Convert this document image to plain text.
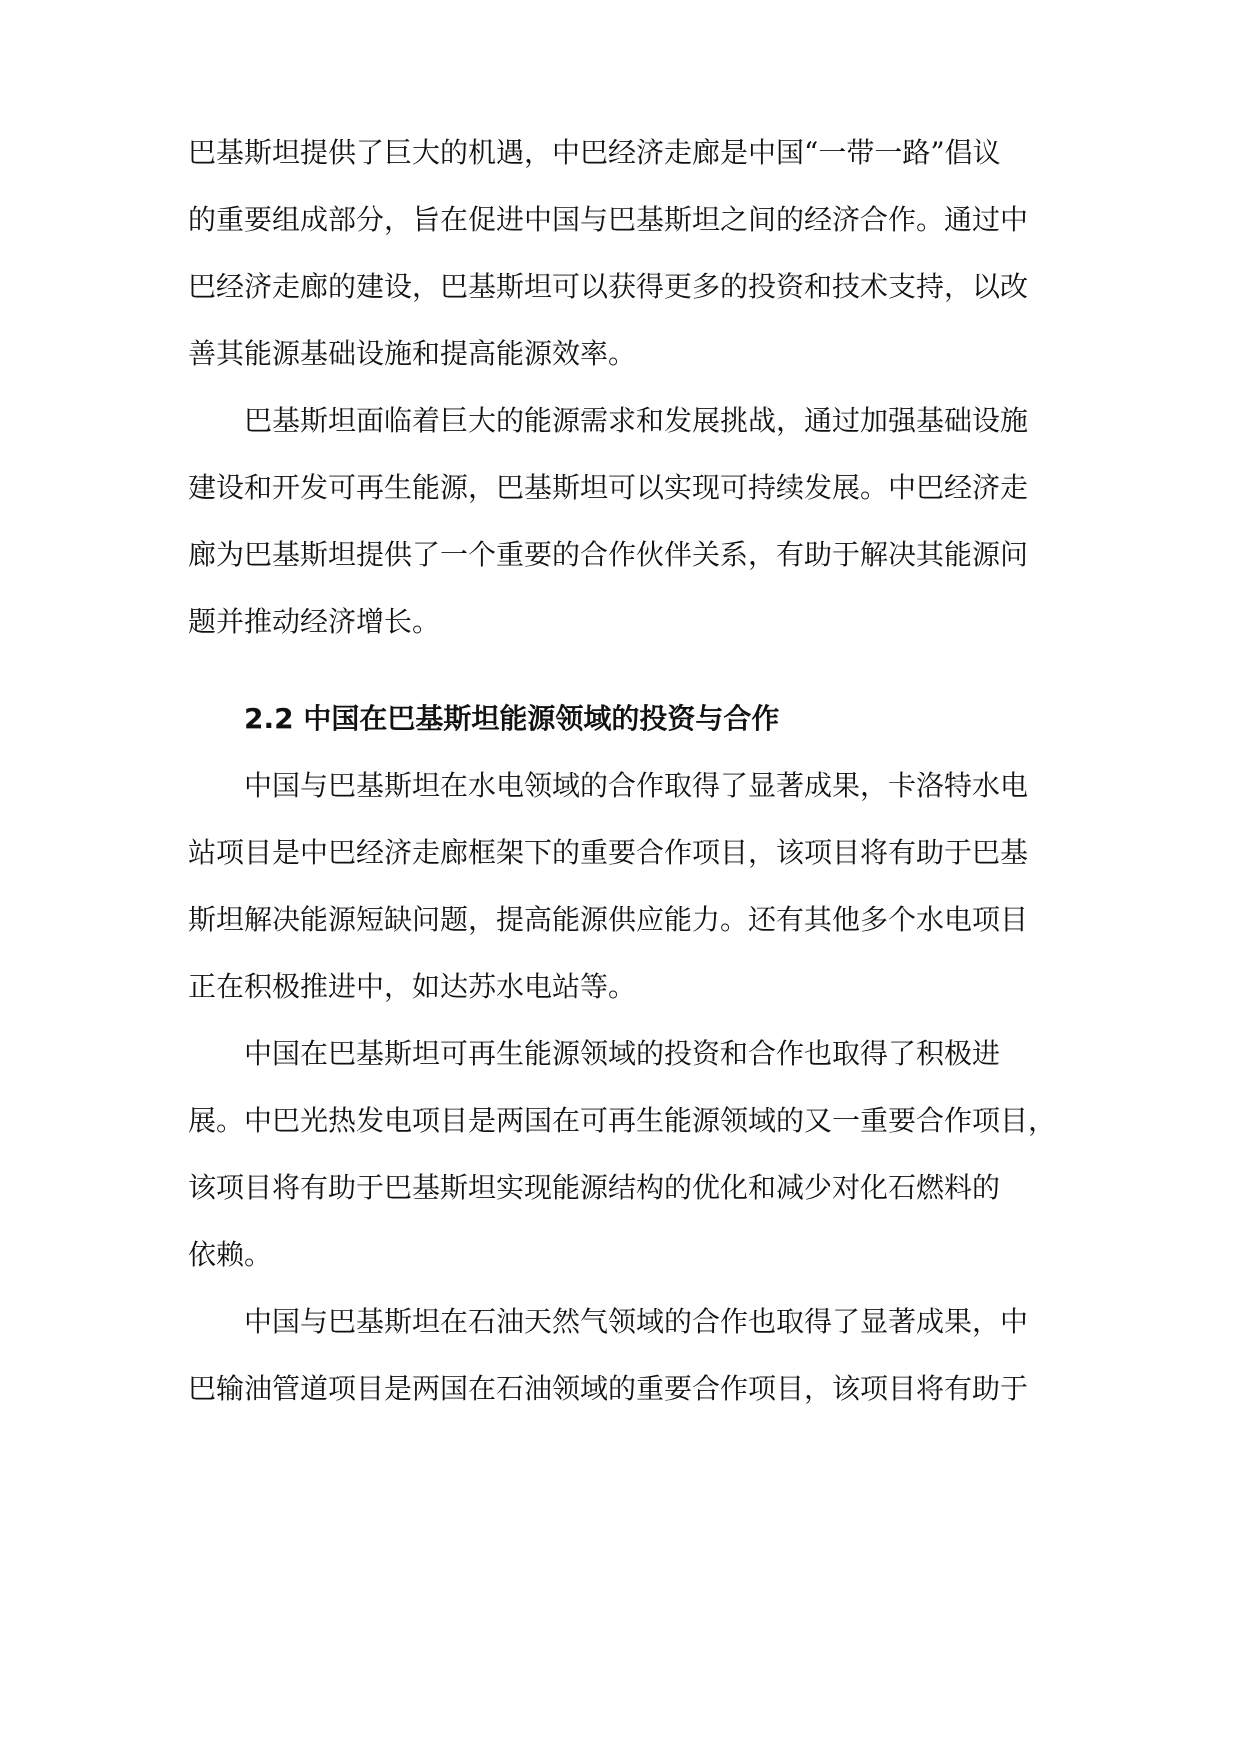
巴基斯坦提供了巨大的机遇，中巴经济走廊是中国“一带一路”倡议
的重要组成部分，旨在促进中国与巴基斯坦之间的经济合作。通过中
巴经济走廊的建设，巴基斯坦可以获得更多的投资和技术支持，以改
善其能源基础设施和提高能源效率。
巴基斯坦面临着巨大的能源需求和发展挑战，通过加强基础设施
建设和开发可再生能源，巴基斯坦可以实现可持续发展。中巴经济走
廊为巴基斯坦提供了一个重要的合作伙伴关系，有助于解决其能源问
题并推动经济增长。
2.2 中国在巴基斯坦能源领域的投资与合作
中国与巴基斯坦在水电领域的合作取得了显著成果，卡洛特水电
站项目是中巴经济走廊框架下的重要合作项目，该项目将有助于巴基
斯坦解决能源短缺问题，提高能源供应能力。还有其他多个水电项目
正在积极推进中，如达苏水电站等。
中国在巴基斯坦可再生能源领域的投资和合作也取得了积极进
展。中巴光热发电项目是两国在可再生能源领域的又一重要合作项目，
该项目将有助于巴基斯坦实现能源结构的优化和减少对化石燃料的
依赖。
中国与巴基斯坦在石油天然气领域的合作也取得了显著成果，中
巴输油管道项目是两国在石油领域的重要合作项目，该项目将有助于
